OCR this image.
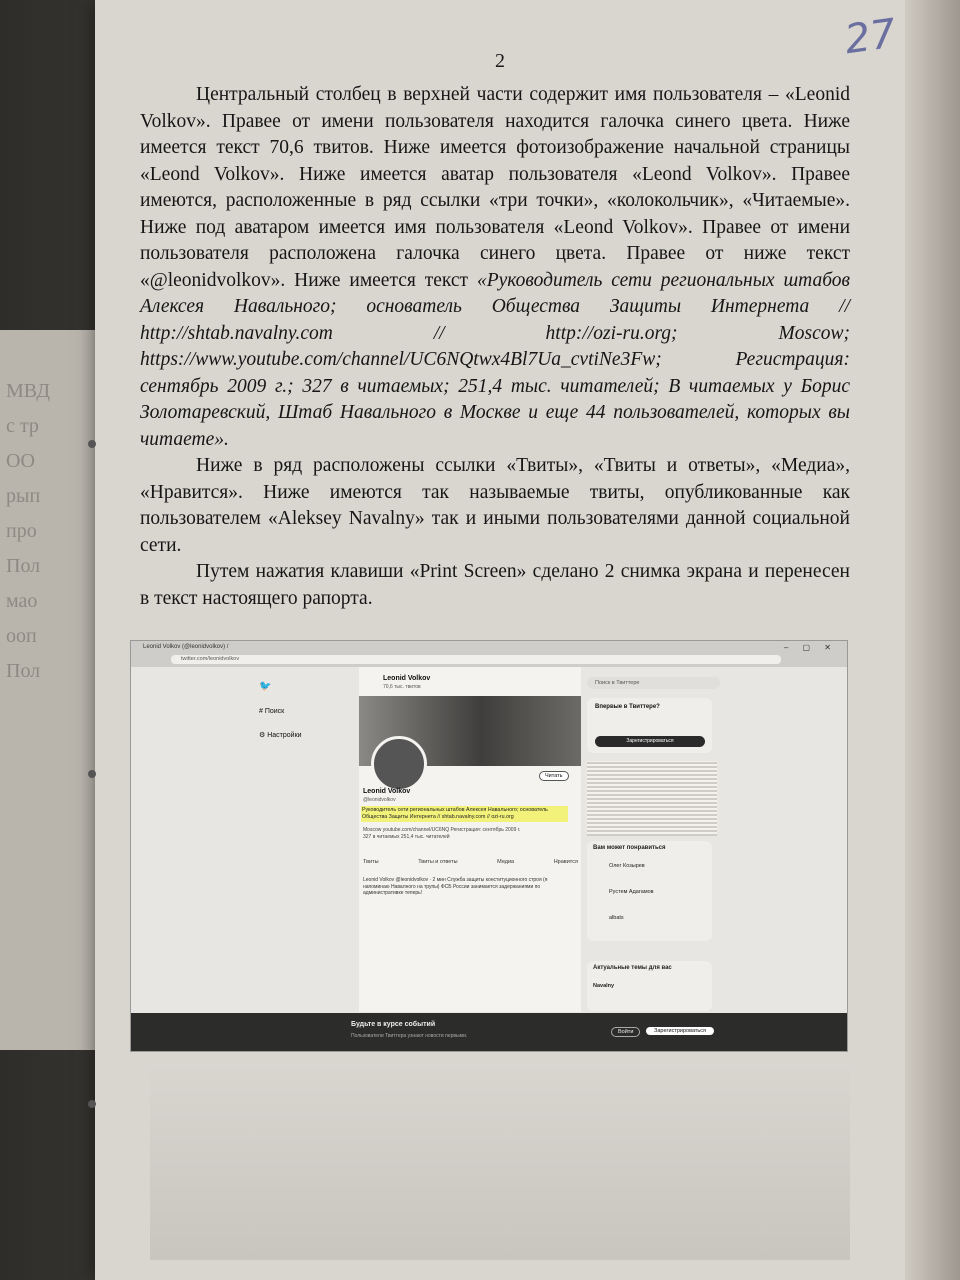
МВД
с тр
ОО
рып
про
Пол
мао
ооп
Пол
27
2

Центральный столбец в верхней части содержит имя пользователя – «Leonid Volkov». Правее от имени пользователя находится галочка синего цвета. Ниже имеется текст 70,6 твитов. Ниже имеется фотоизображение начальной страницы «Leond Volkov». Ниже имеется аватар пользователя «Leond Volkov». Правее имеются, расположенные в ряд ссылки «три точки», «колокольчик», «Читаемые». Ниже под аватаром имеется имя пользователя «Leond Volkov». Правее от имени пользователя расположена галочка синего цвета. Правее от ниже текст «@leonidvolkov». Ниже имеется текст «Руководитель сети региональных штабов Алексея Навального; основатель Общества Защиты Интернета // http://shtab.navalny.com // http://ozi-ru.org; Moscow; https://www.youtube.com/channel/UC6NQtwx4Bl7Ua_cvtiNe3Fw; Регистрация: сентябрь 2009 г.; 327 в читаемых; 251,4 тыс. читателей; В читаемых у Борис Золотаревский, Штаб Навального в Москве и еще 44 пользователей, которых вы читаете».

Ниже в ряд расположены ссылки «Твиты», «Твиты и ответы», «Медиа», «Нравится». Ниже имеются так называемые твиты, опубликованные как пользователем «Aleksey Navalny» так и иными пользователями данной социальной сети.

Путем нажатия клавиши «Print Screen» сделано 2 снимка экрана и перенесен в текст настоящего рапорта.

Leonid Volkov (@leonidvolkov) /
twitter.com/leonidvolkov
– ▢ ✕
🐦
# Поиск
⚙ Настройки
Leonid Volkov
70,6 тыс. твитов
Читать
Leonid Volkov
@leonidvolkov
Руководитель сети региональных штабов Алексея Навального; основатель Общества Защиты Интернета // shtab.navalny.com // ozi-ru.org
Moscow youtube.com/channel/UC6NQ Регистрация: сентябрь 2009 г.
327 в читаемых 251,4 тыс. читателей
Твиты	Твиты и ответы	Медиа	Нравится
Leonid Volkov @leonidvolkov · 2 мин Служба защиты конституционного строя (я напоминаю Навалного на трупы) ФСБ России занимается задержаниями по административке теперь!
Поиск в Твиттере
Впервые в Твиттере?
Зарегистрироваться
Вам может понравиться
Олег Козырев
Рустем Адагамов
albats
Актуальные темы для вас
Navalny
Будьте в курсе событий
Пользователи Твиттера узнают новости первыми.
Войти	Зарегистрироваться
